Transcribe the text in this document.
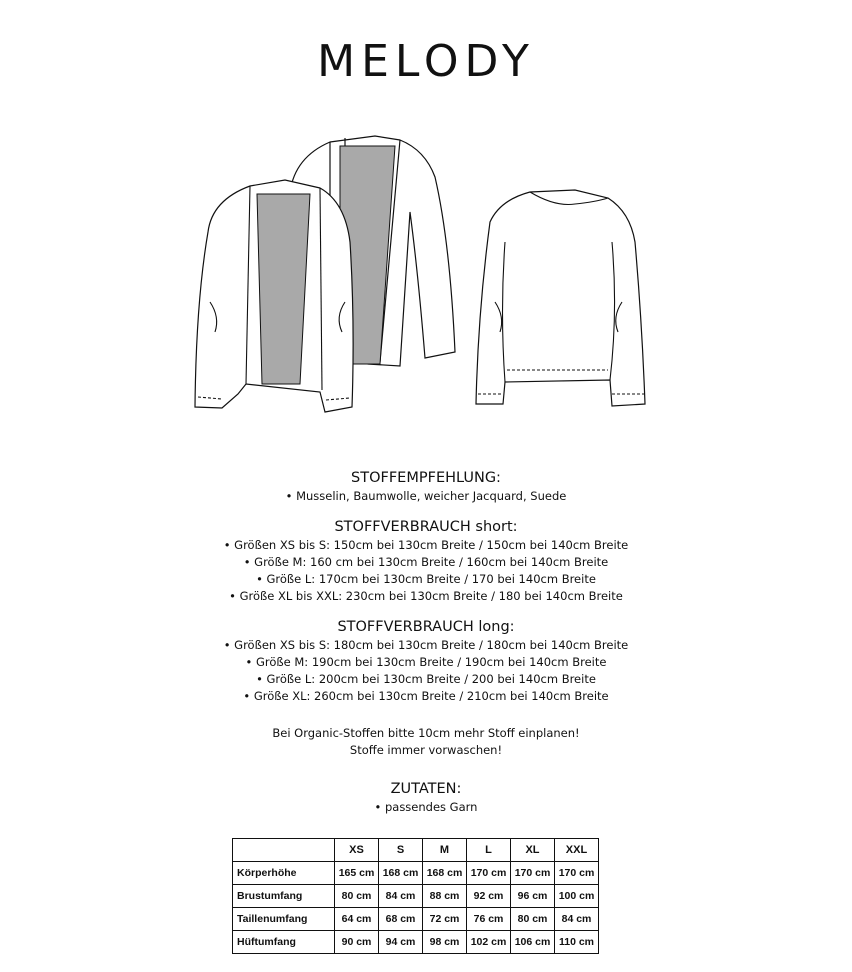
MELODY

STOFFEMPFEHLUNG:

• Musselin, Baumwolle, weicher Jacquard, Suede

STOFFVERBRAUCH short:

• Größen XS bis S: 150cm bei 130cm Breite / 150cm bei 140cm Breite

• Größe M: 160 cm bei 130cm Breite / 160cm bei 140cm Breite

• Größe L: 170cm bei 130cm Breite / 170 bei 140cm Breite

• Größe XL bis XXL: 230cm bei 130cm Breite / 180 bei 140cm Breite

STOFFVERBRAUCH long:

• Größen XS bis S: 180cm bei 130cm Breite / 180cm bei 140cm Breite

• Größe M: 190cm bei 130cm Breite / 190cm bei 140cm Breite

• Größe L: 200cm bei 130cm Breite / 200 bei 140cm Breite

• Größe XL: 260cm bei 130cm Breite / 210cm bei 140cm Breite

Bei Organic-Stoffen bitte 10cm mehr Stoff einplanen!

Stoffe immer vorwaschen!

ZUTATEN:

• passendes Garn

	XS	S	M	L	XL	XXL
Körperhöhe	165 cm	168 cm	168 cm	170 cm	170 cm	170 cm
Brustumfang	80 cm	84 cm	88 cm	92 cm	96 cm	100 cm
Taillenumfang	64 cm	68 cm	72 cm	76 cm	80 cm	84 cm
Hüftumfang	90 cm	94 cm	98 cm	102 cm	106 cm	110 cm
